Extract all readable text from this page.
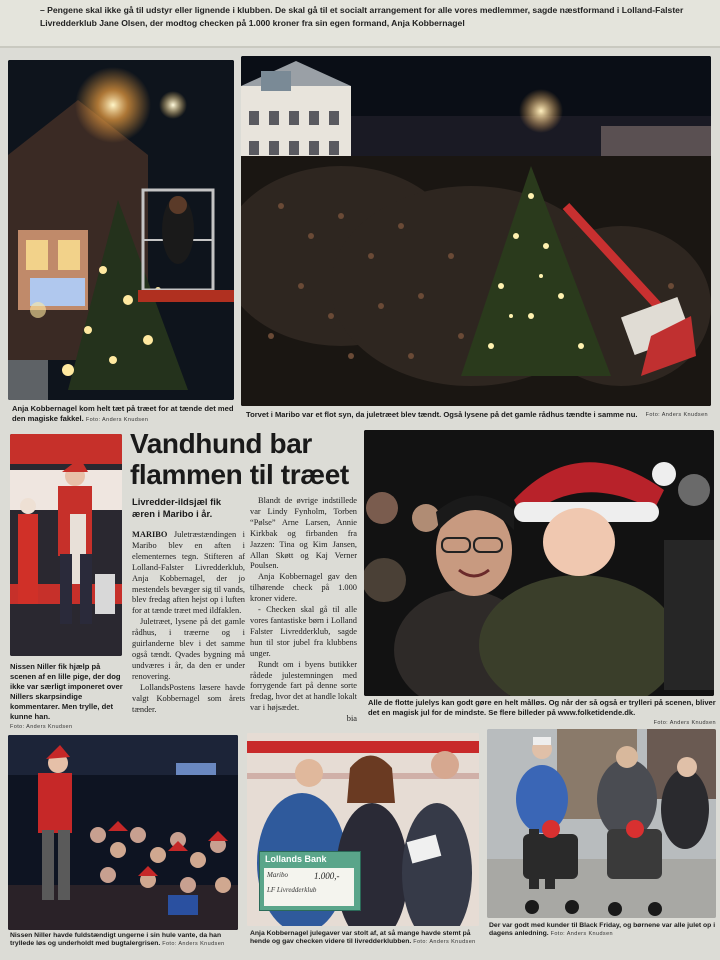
– Pengene skal ikke gå til udstyr eller lignende i klubben. De skal gå til et socialt arrangement for alle vores medlemmer, sagde næstformand i Lolland-Falster Livredderklub Jane Olsen, der modtog checken på 1.000 kroner fra sin egen formand, Anja Kobbernagel
Anja Kobbernagel kom helt tæt på træet for at tænde det med den magiske fakkel. Foto: Anders Knudsen
Torvet i Maribo var et flot syn, da juletræet blev tændt. Også lysene på det gamle rådhus tændte i samme nu. Foto: Anders Knudsen
Nissen Niller fik hjælp på scenen af en lille pige, der dog ikke var særligt imponeret over Nillers skarpsindige kommentarer. Men trylle, det kunne han.
Foto: Anders Knudsen
Vandhund bar
flammen til træet
Livredder-ildsjæl fik æren i Maribo i år.

MARIBO Juletræstændingen i Maribo blev en aften i elementernes tegn. Stifteren af Lolland-Falster Livredderklub, Anja Kobbernagel, der jo mestendels bevæger sig til vands, blev fredag aften hejst op i luften for at tænde træet med ildfaklen.

Juletræet, lysene på det gamle rådhus, i træerne og i guirlanderne blev i det samme også tændt. Qvades bygning må undværes i år, da den er under renovering.

LollandsPostens læsere havde valgt Kobbernagel som årets tænder.

Blandt de øvrige indstillede var Lindy Fynholm, Torben “Pølse” Arne Larsen, Annie Kirkbak og firbanden fra Jazzen: Tina og Kim Jansen, Allan Skøtt og Kaj Verner Poulsen.

Anja Kobbernagel gav den tilhørende check på 1.000 kroner videre.

- Checken skal gå til alle vores fantastiske børn i Lolland Falster Livredderklub, sagde hun til stor jubel fra klubbens unger.

Rundt om i byens butikker rådede julestemningen med forrygende fart på denne sorte fredag, hvor det at handle lokalt var i højsædet.

bia

Alle de flotte julelys kan godt gøre en helt målløs. Og når der så også er trylleri på scenen, bliver det en magisk jul for de mindste. Se flere billeder på www.folketidende.dk.
Foto: Anders Knudsen
Nissen Niller havde fuldstændigt ungerne i sin hule vante, da han tryllede løs og underholdt med bugtalergrisen. Foto: Anders Knudsen
Lollands Bank
Maribo	1.000,-
LF Livredderklub
Anja Kobbernagel julegaver var stolt af, at så mange havde stemt på hende og gav checken videre til livredderklubben. Foto: Anders Knudsen
Der var godt med kunder til Black Friday, og børnene var alle julet op i dagens anledning. Foto: Anders Knudsen
